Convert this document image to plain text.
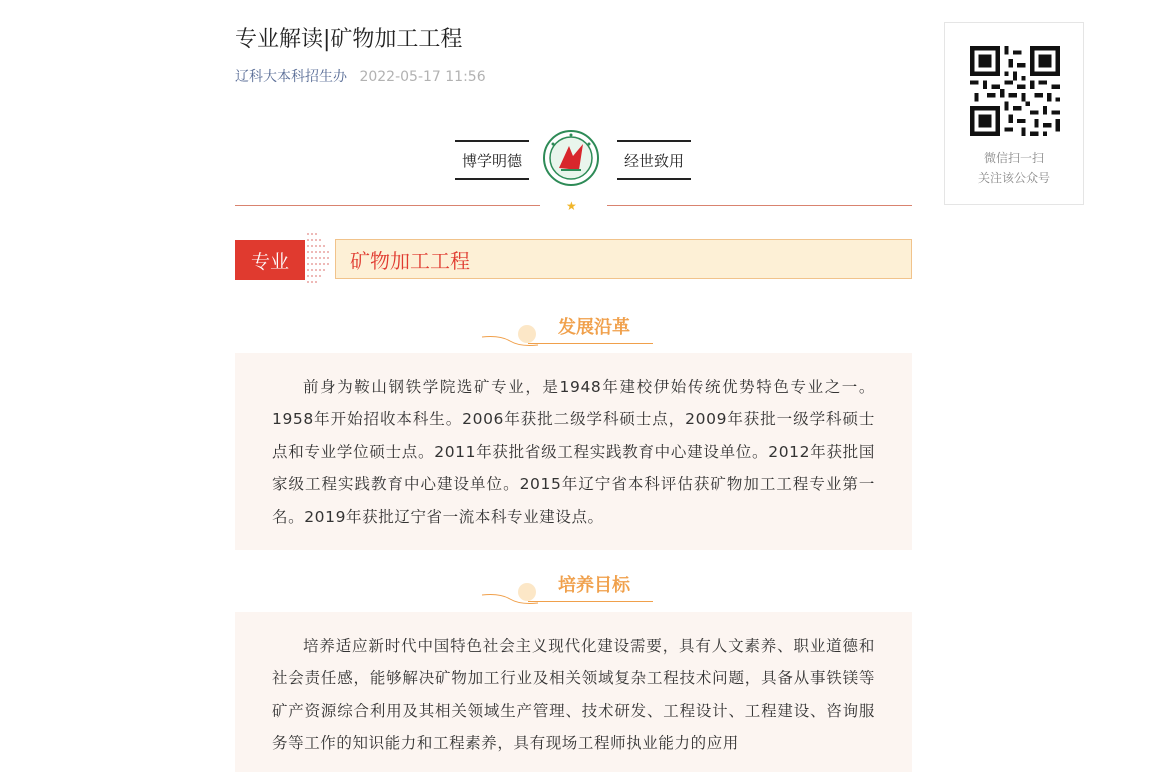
专业解读|矿物加工工程
辽科大本科招生办 2022-05-17 11:56
博学明德	经世致用
★
专业	矿物加工工程
发展沿革

前身为鞍山钢铁学院选矿专业，是1948年建校伊始传统优势特色专业之一。1958年开始招收本科生。2006年获批二级学科硕士点，2009年获批一级学科硕士点和专业学位硕士点。2011年获批省级工程实践教育中心建设单位。2012年获批国家级工程实践教育中心建设单位。2015年辽宁省本科评估获矿物加工工程专业第一名。2019年获批辽宁省一流本科专业建设点。

培养目标

培养适应新时代中国特色社会主义现代化建设需要，具有人文素养、职业道德和社会责任感，能够解决矿物加工行业及相关领域复杂工程技术问题，具备从事铁镁等矿产资源综合利用及其相关领域生产管理、技术研发、工程设计、工程建设、咨询服务等工作的知识能力和工程素养，具有现场工程师执业能力的应用

微信扫一扫
关注该公众号
